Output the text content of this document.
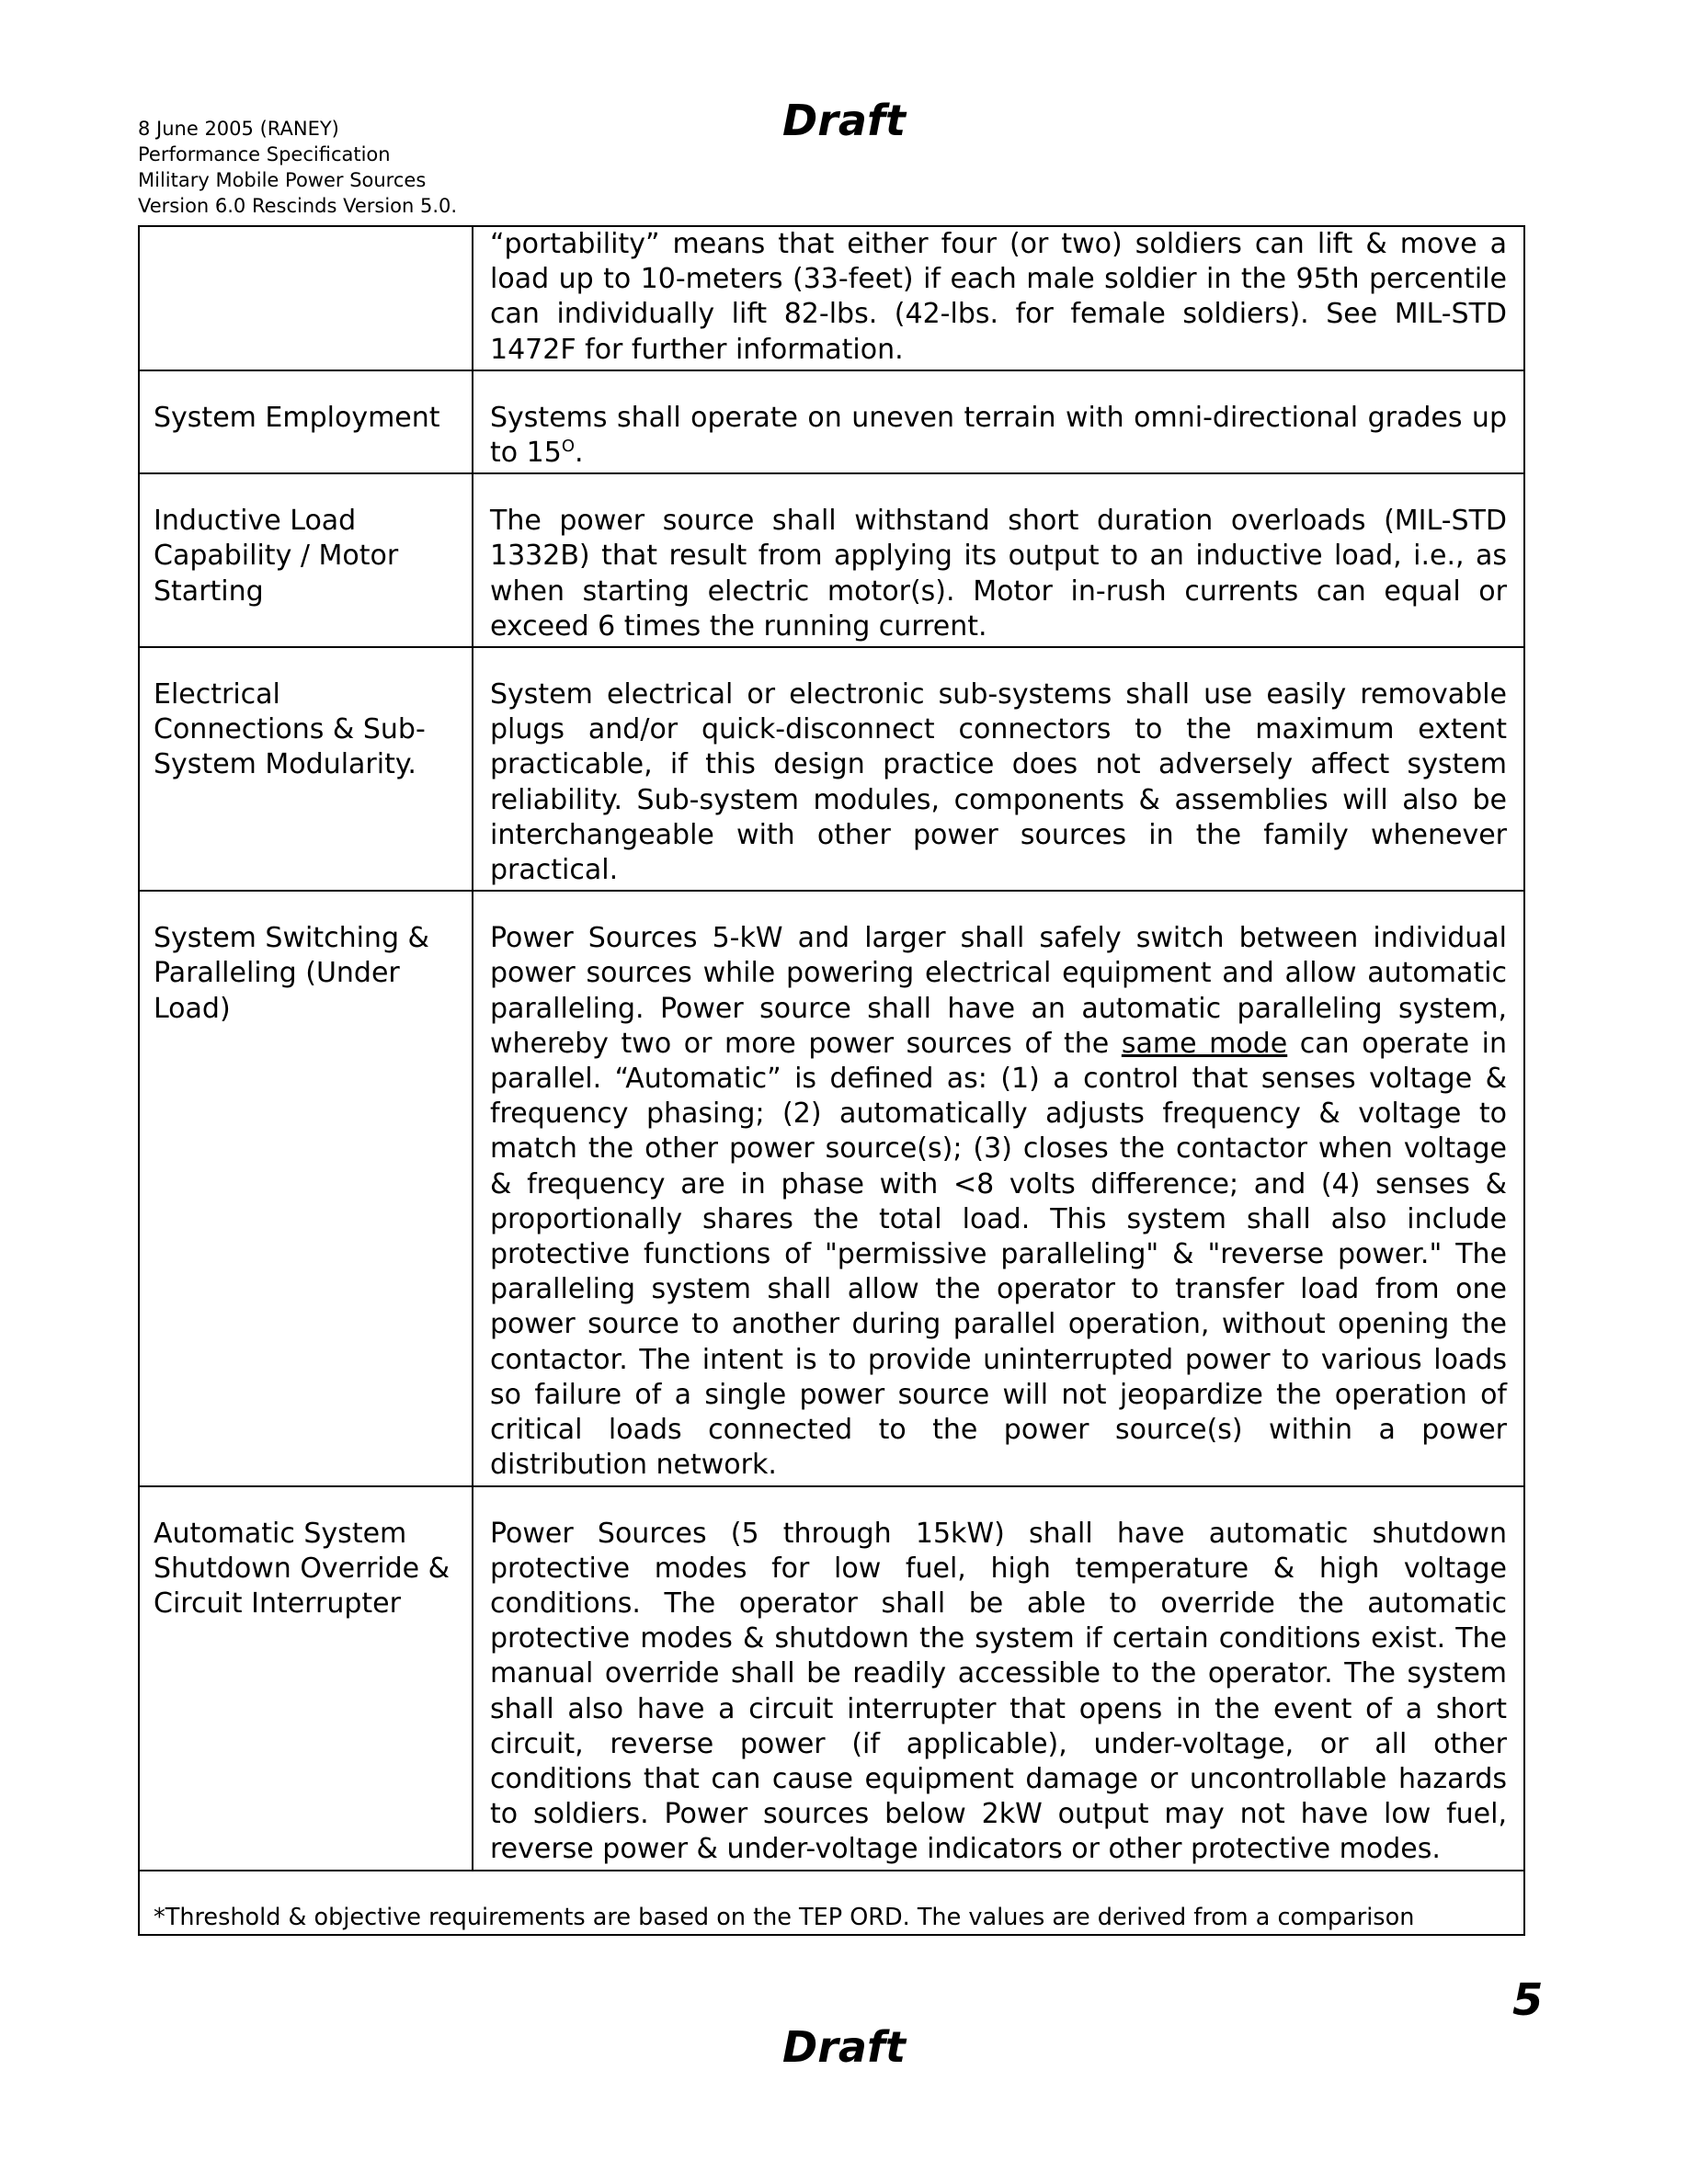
8 June 2005 (RANEY)
Performance Specification
Military Mobile Power Sources
Version 6.0 Rescinds Version 5.0.
Draft

	“portability” means that either four (or two) soldiers can lift & move a load up to 10-meters (33-feet) if each male soldier in the 95th percentile can individually lift 82-lbs. (42-lbs. for female soldiers). See MIL-STD 1472F for further information.

System Employment	Systems shall operate on uneven terrain with omni-directional grades up to $15^O$.

Inductive Load Capability / Motor Starting	The power source shall withstand short duration overloads (MIL-STD 1332B) that result from applying its output to an inductive load, i.e., as when starting electric motor(s). Motor in-rush currents can equal or exceed 6 times the running current.

Electrical Connections & Sub-System Modularity.	System electrical or electronic sub-systems shall use easily removable plugs and/or quick-disconnect connectors to the maximum extent practicable, if this design practice does not adversely affect system reliability. Sub-system modules, components & assemblies will also be interchangeable with other power sources in the family whenever practical.

System Switching & Paralleling (Under Load)	Power Sources 5-kW and larger shall safely switch between individual power sources while powering electrical equipment and allow automatic paralleling. Power source shall have an automatic paralleling system, whereby two or more power sources of the same mode can operate in parallel. “Automatic” is defined as: (1) a control that senses voltage & frequency phasing; (2) automatically adjusts frequency & voltage to match the other power source(s); (3) closes the contactor when voltage & frequency are in phase with <8 volts difference; and (4) senses & proportionally shares the total load. This system shall also include protective functions of "permissive paralleling" & "reverse power." The paralleling system shall allow the operator to transfer load from one power source to another during parallel operation, without opening the contactor. The intent is to provide uninterrupted power to various loads so failure of a single power source will not jeopardize the operation of critical loads connected to the power source(s) within a power distribution network.

Automatic System Shutdown Override & Circuit Interrupter	Power Sources (5 through 15kW) shall have automatic shutdown protective modes for low fuel, high temperature & high voltage conditions. The operator shall be able to override the automatic protective modes & shutdown the system if certain conditions exist. The manual override shall be readily accessible to the operator. The system shall also have a circuit interrupter that opens in the event of a short circuit, reverse power (if applicable), under-voltage, or all other conditions that can cause equipment damage or uncontrollable hazards to soldiers. Power sources below 2kW output may not have low fuel, reverse power & under-voltage indicators or other protective modes.

*Threshold & objective requirements are based on the TEP ORD. The values are derived from a comparison	
5
Draft
